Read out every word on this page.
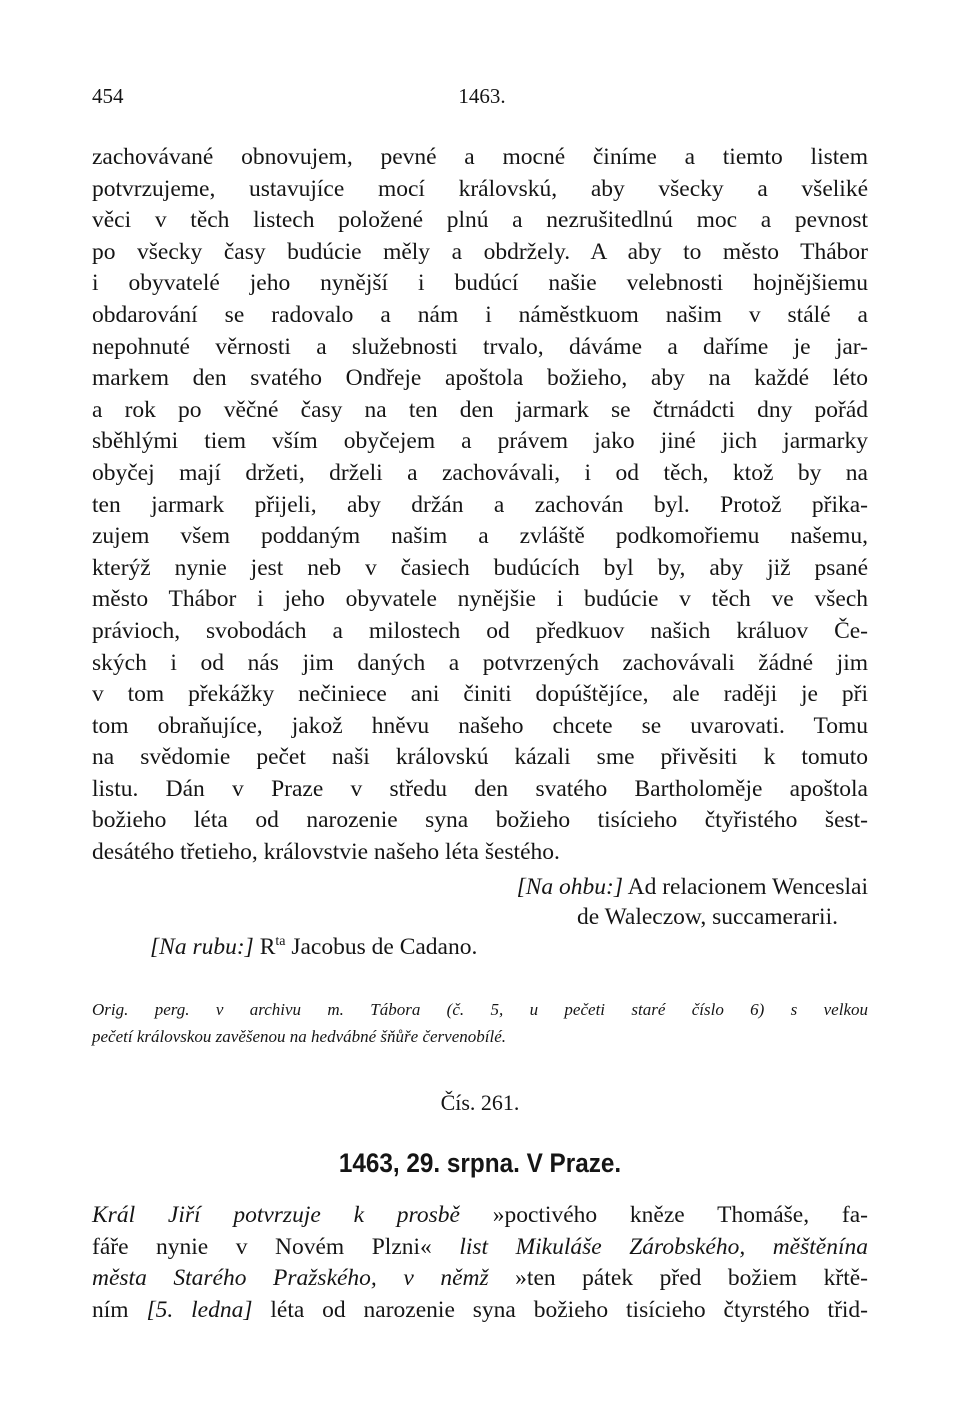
454	1463.
zachovávané obnovujem, pevné a mocné činíme a tiemto listem
potvrzujeme, ustavujíce mocí královskú, aby všecky a všeliké
věci v těch listech položené plnú a nezrušitedlnú moc a pevnost
po všecky časy budúcie měly a obdržely. A aby to město Thábor
i obyvatelé jeho nynější i budúcí našie velebnosti hojnějšiemu
obdarování se radovalo a nám i náměstkuom našim v stálé a
nepohnuté věrnosti a služebnosti trvalo, dáváme a daříme je jar-
markem den svatého Ondřeje apoštola božieho, aby na každé léto
a rok po věčné časy na ten den jarmark se čtrnádcti dny pořád
sběhlými tiem vším obyčejem a právem jako jiné jich jarmarky
obyčej mají držeti, drželi a zachovávali, i od těch, ktož by na
ten jarmark přijeli, aby držán a zachován byl. Protož přika-
zujem všem poddaným našim a zvláště podkomořiemu našemu,
kterýž nynie jest neb v časiech budúcích byl by, aby již psané
město Thábor i jeho obyvatele nynějšie i budúcie v těch ve všech
právioch, svobodách a milostech od předkuov našich králuov Če-
ských i od nás jim daných a potvrzených zachovávali žádné jim
v tom překážky nečiniece ani činiti dopúštějíce, ale raději je při
tom obraňujíce, jakož hněvu našeho chcete se uvarovati. Tomu
na svědomie pečet naši královskú kázali sme přivěsiti k tomuto
listu. Dán v Praze v středu den svatého Bartholoměje apoštola
božieho léta od narozenie syna božieho tisícieho čtyřistého šest-
desátého třetieho, královstvie našeho léta šestého.
[Na ohbu:] Ad relacionem Wenceslai
de Waleczow, succamerarii.
[Na rubu:] $R^{ta}$ Jacobus de Cadano.
Orig. perg. v archivu m. Tábora (č. 5, u pečeti staré číslo 6) s velkou
pečetí královskou zavěšenou na hedvábné šňůře červenobílé.
Čís. 261.
1463, 29. srpna. V Praze.
Král Jiří potvrzuje k prosbě »poctivého kněze Thomáše, fa-
fáře nynie v Novém Plzni« list Mikuláše Zárobského, měštěnína
města Starého Pražského, v němž »ten pátek před božiem křtě-
ním [5. ledna] léta od narozenie syna božieho tisícieho čtyrstého třid-
